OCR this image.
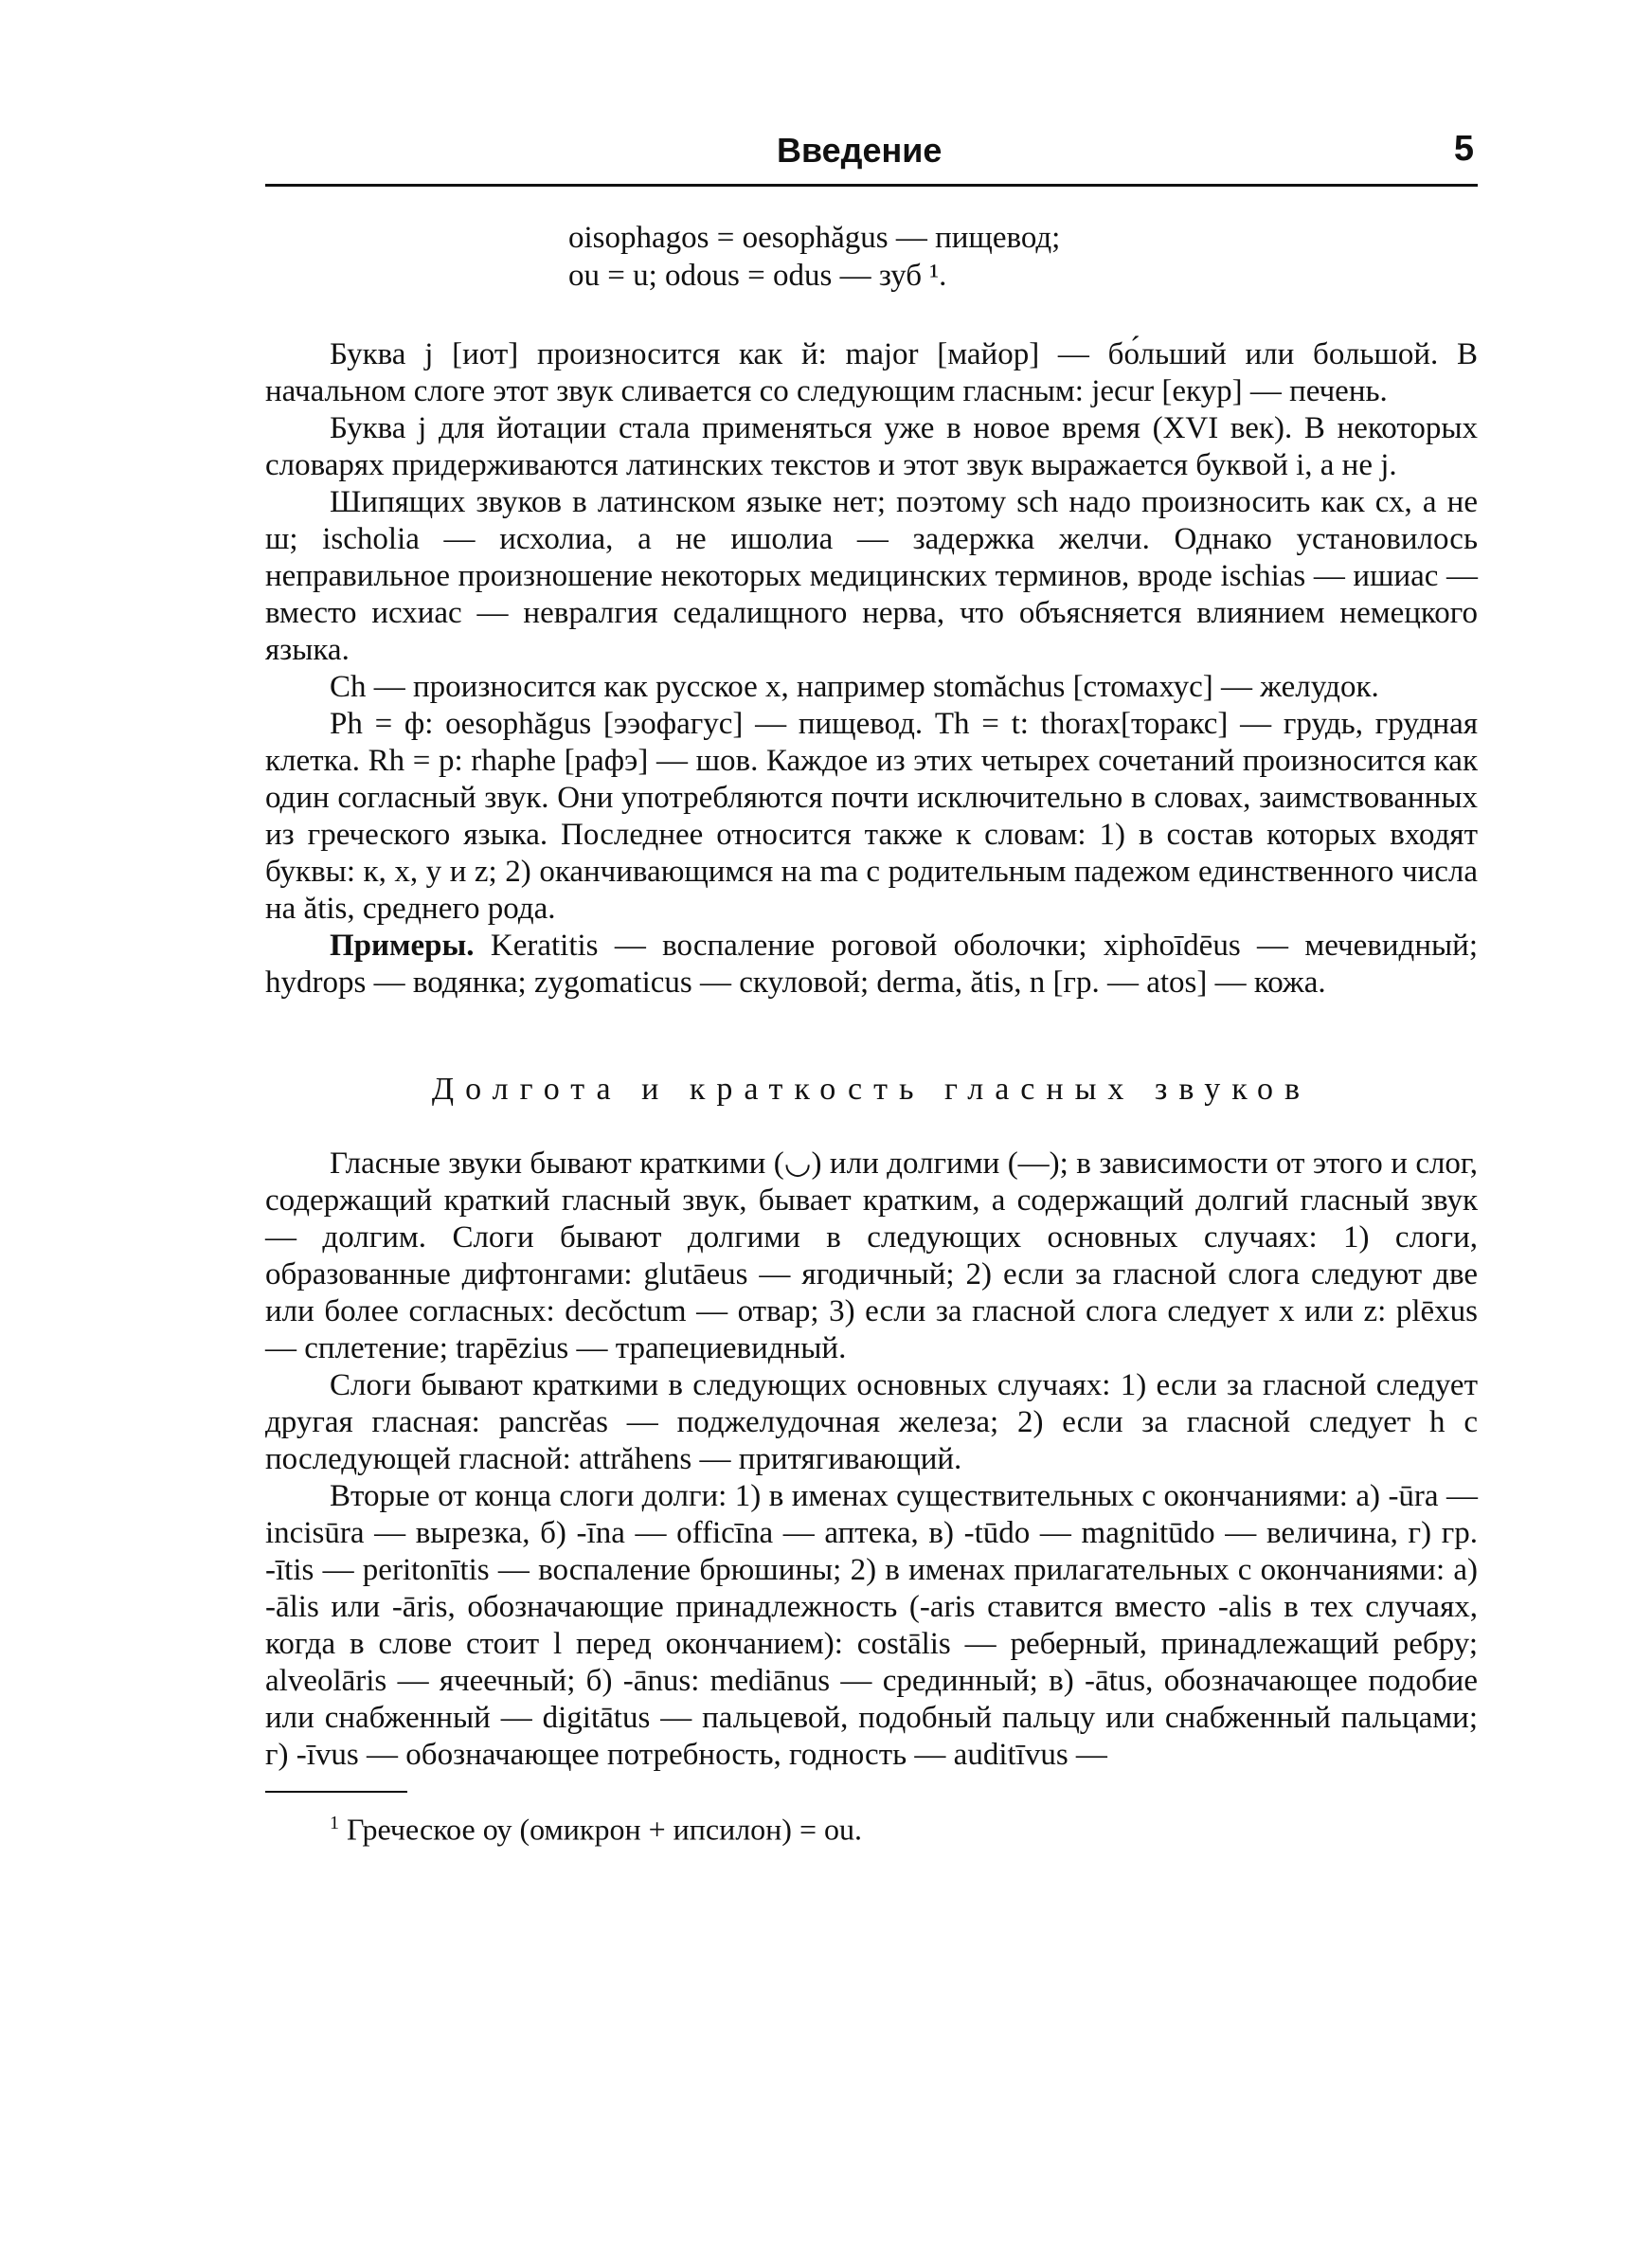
Введение	5
oisophagos = oesophăgus — пищевод;
ou = u; odous = odus — зуб ¹.

Буква j [иот] произносится как й: major [майор] — бо́льший или большой. В начальном слоге этот звук сливается со следующим гласным: jecur [екур] — печень.

Буква j для йотации стала применяться уже в новое время (XVI век). В некоторых словарях придерживаются латинских текстов и этот звук выражается буквой i, а не j.

Шипящих звуков в латинском языке нет; поэтому sch надо произносить как сх, а не ш; ischolia — исхолиа, а не ишолиа — задержка желчи. Однако установилось неправильное произношение некоторых медицинских терминов, вроде ischias — ишиас — вместо исхиас — невралгия седалищного нерва, что объясняется влиянием немецкого языка.

Ch — произносится как русское х, например stomăchus [стомахус] — желудок.

Ph = ф: oesophăgus [ээофагус] — пищевод. Th = t: thorax[торакс] — грудь, грудная клетка. Rh = p: rhaphe [рафэ] — шов. Каждое из этих четырех сочетаний произносится как один согласный звук. Они употребляются почти исключительно в словах, заимствованных из греческого языка. Последнее относится также к словам: 1) в состав которых входят буквы: к, х, у и z; 2) оканчивающимся на ma с родительным падежом единственного числа на ătis, среднего рода.

Примеры. Keratitis — воспаление роговой оболочки; xiphoīdēus — мечевидный; hydrops — водянка; zygomaticus — скуловой; derma, ătis, n [гр. — atos] — кожа.

Долгота и краткость гласных звуков

Гласные звуки бывают краткими (◡) или долгими (—); в зависимости от этого и слог, содержащий краткий гласный звук, бывает кратким, а содержащий долгий гласный звук — долгим. Слоги бывают долгими в следующих основных случаях: 1) слоги, образованные дифтонгами: glutāeus — ягодичный; 2) если за гласной слога следуют две или более согласных: decŏctum — отвар; 3) если за гласной слога следует х или z: plēxus — сплетение; trapēzius — трапециевидный.

Слоги бывают краткими в следующих основных случаях: 1) если за гласной следует другая гласная: pancrĕas — поджелудочная железа; 2) если за гласной следует h с последующей гласной: attrăhens — притягивающий.

Вторые от конца слоги долги: 1) в именах существительных с окончаниями: а) -ūra — incisūra — вырезка, б) -īna — officīna — аптека, в) -tūdo — magnitūdo — величина, г) гр. -ītis — peritonītis — воспаление брюшины; 2) в именах прилагательных с окончаниями: а) -ālis или -āris, обозначающие принадлежность (-aris ставится вместо -alis в тех случаях, когда в слове стоит l перед окончанием): costālis — реберный, принадлежащий ребру; alveolāris — ячеечный; б) -ānus: mediānus — срединный; в) -ātus, обозначающее подобие или снабженный — digitātus — пальцевой, подобный пальцу или снабженный пальцами; г) -īvus — обозначающее потребность, годность — auditīvus —

$^1$ Греческое оу (омикрон + ипсилон) = ou.
